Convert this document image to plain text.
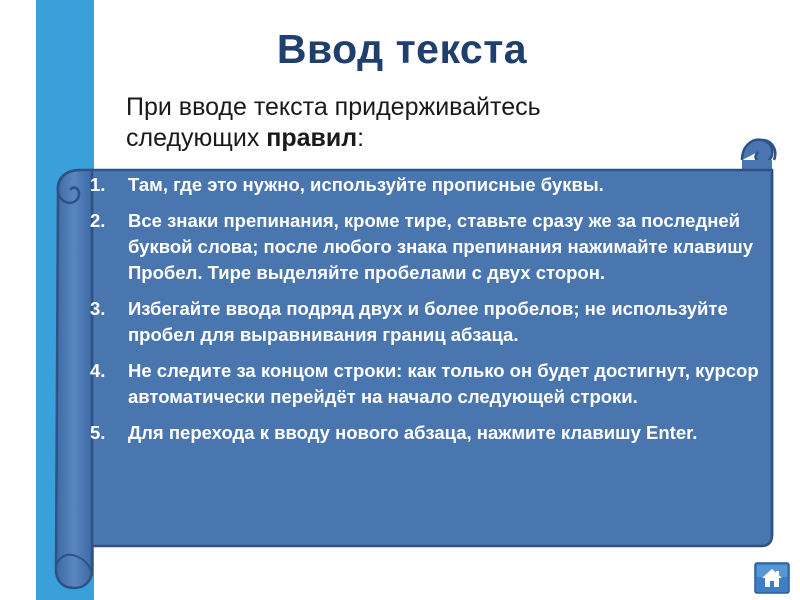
Ввод текста
При вводе текста придерживайтесь
следующих правил:
1.	Там, где это нужно, используйте прописные буквы.
2.	Все знаки препинания, кроме тире, ставьте сразу же за последней буквой слова; после любого знака препинания нажимайте клавишу Пробел. Тире выделяйте пробелами с двух сторон.
3.	Избегайте ввода подряд двух и более пробелов; не используйте пробел для выравнивания границ абзаца.
4.	Не следите за концом строки: как только он будет достигнут, курсор автоматически перейдёт на начало следующей строки.
5.	Для перехода к вводу нового абзаца, нажмите клавишу Enter.
